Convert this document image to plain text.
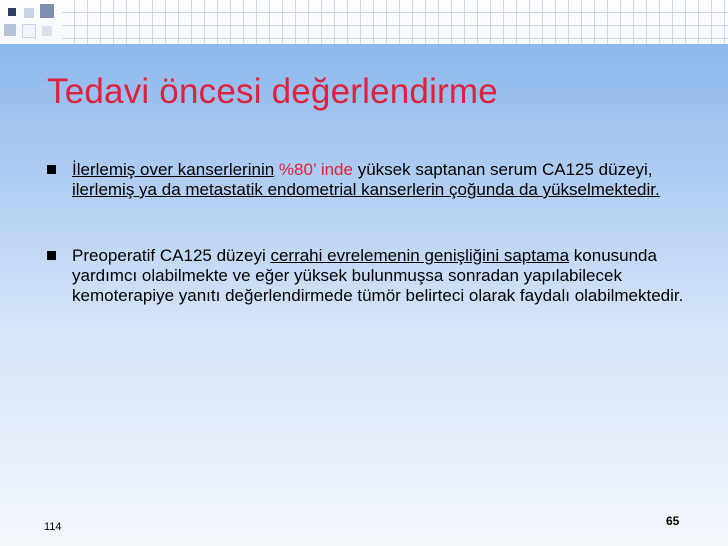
Tedavi öncesi değerlendirme
İlerlemiş over kanserlerinin %80’ inde yüksek saptanan serum CA125 düzeyi, ilerlemiş ya da metastatik endometrial kanserlerin çoğunda da yükselmektedir.
Preoperatif CA125 düzeyi cerrahi evrelemenin genişliğini saptama konusunda yardımcı olabilmekte ve eğer yüksek bulunmuşsa sonradan yapılabilecek kemoterapiye yanıtı değerlendirmede tümör belirteci olarak faydalı olabilmektedir.
114	65
